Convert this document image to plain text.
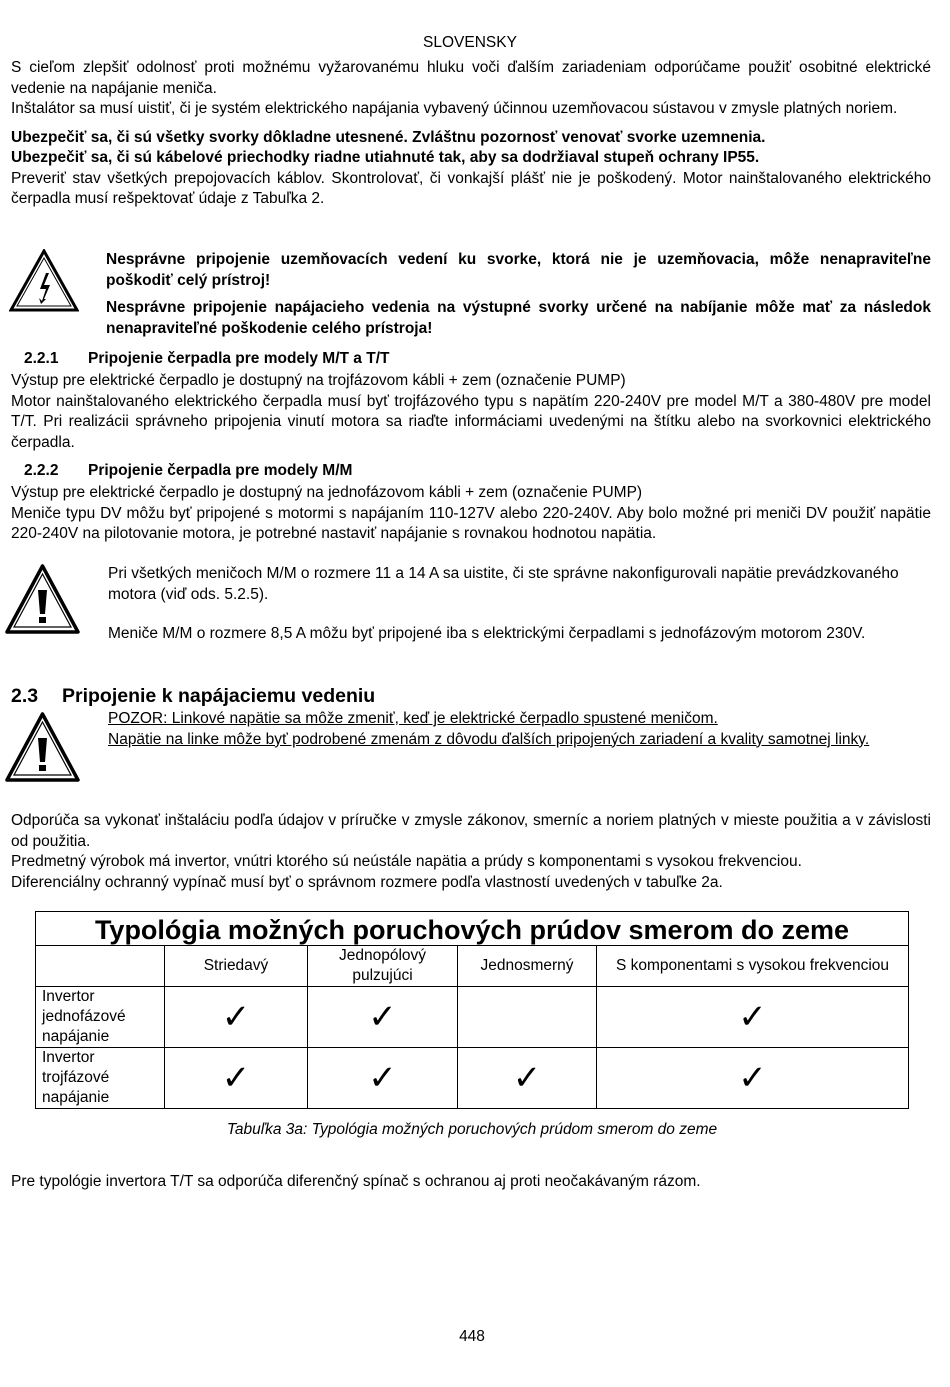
SLOVENSKY

S cieľom zlepšiť odolnosť proti možnému vyžarovanému hluku voči ďalším zariadeniam odporúčame použiť osobitné elektrické vedenie na napájanie meniča.

Inštalátor sa musí uistiť, či je systém elektrického napájania vybavený účinnou uzemňovacou sústavou v zmysle platných noriem.

Ubezpečiť sa, či sú všetky svorky dôkladne utesnené. Zvláštnu pozornosť venovať svorke uzemnenia.

Ubezpečiť sa, či sú kábelové priechodky riadne utiahnuté tak, aby sa dodržiaval stupeň ochrany IP55.

Preveriť stav všetkých prepojovacích káblov. Skontrolovať, či vonkajší plášť nie je poškodený. Motor nainštalovaného elektrického čerpadla musí rešpektovať údaje z Tabuľka 2.

Nesprávne pripojenie uzemňovacích vedení ku svorke, ktorá nie je uzemňovacia, môže nenapraviteľne poškodiť celý prístroj!

Nesprávne pripojenie napájacieho vedenia na výstupné svorky určené na nabíjanie môže mať za následok nenapraviteľné poškodenie celého prístroja!

2.2.1 Pripojenie čerpadla pre modely M/T a T/T

Výstup pre elektrické čerpadlo je dostupný na trojfázovom kábli + zem (označenie PUMP)

Motor nainštalovaného elektrického čerpadla musí byť trojfázového typu s napätím 220-240V pre model M/T a 380-480V pre model T/T. Pri realizácii správneho pripojenia vinutí motora sa riaďte informáciami uvedenými na štítku alebo na svorkovnici elektrického čerpadla.

2.2.2 Pripojenie čerpadla pre modely M/M

Výstup pre elektrické čerpadlo je dostupný na jednofázovom kábli + zem (označenie PUMP)

Meniče typu DV môžu byť pripojené s motormi s napájaním 110-127V alebo 220-240V. Aby bolo možné pri meniči DV použiť napätie 220-240V na pilotovanie motora, je potrebné nastaviť napájanie s rovnakou hodnotou napätia.

Pri všetkých meničoch M/M o rozmere 11 a 14 A sa uistite, či ste správne nakonfigurovali napätie prevádzkovaného motora (viď ods. 5.2.5).

Meniče M/M o rozmere 8,5 A môžu byť pripojené iba s elektrickými čerpadlami s jednofázovým motorom 230V.

2.3 Pripojenie k napájaciemu vedeniu

POZOR: Linkové napätie sa môže zmeniť, keď je elektrické čerpadlo spustené meničom.

Napätie na linke môže byť podrobené zmenám z dôvodu ďalších pripojených zariadení a kvality samotnej linky.

Odporúča sa vykonať inštaláciu podľa údajov v príručke v zmysle zákonov, smerníc a noriem platných v mieste použitia a v závislosti od použitia.

Predmetný výrobok má invertor, vnútri ktorého sú neústále napätia a prúdy s komponentami s vysokou frekvenciou.

Diferenciálny ochranný vypínač musí byť o správnom rozmere podľa vlastností uvedených v tabuľke 2a.

Typológia možných poruchových prúdov smerom do zeme				
	Striedavý	Jednopólový pulzujúci	Jednosmerný	S komponentami s vysokou frekvenciou
Invertor jednofázové napájanie	✓	✓		✓
Invertor trojfázové napájanie	✓	✓	✓	✓
Tabuľka 3a: Typológia možných poruchových prúdom smerom do zeme

Pre typológie invertora T/T sa odporúča diferenčný spínač s ochranou aj proti neočakávaným rázom.

448
